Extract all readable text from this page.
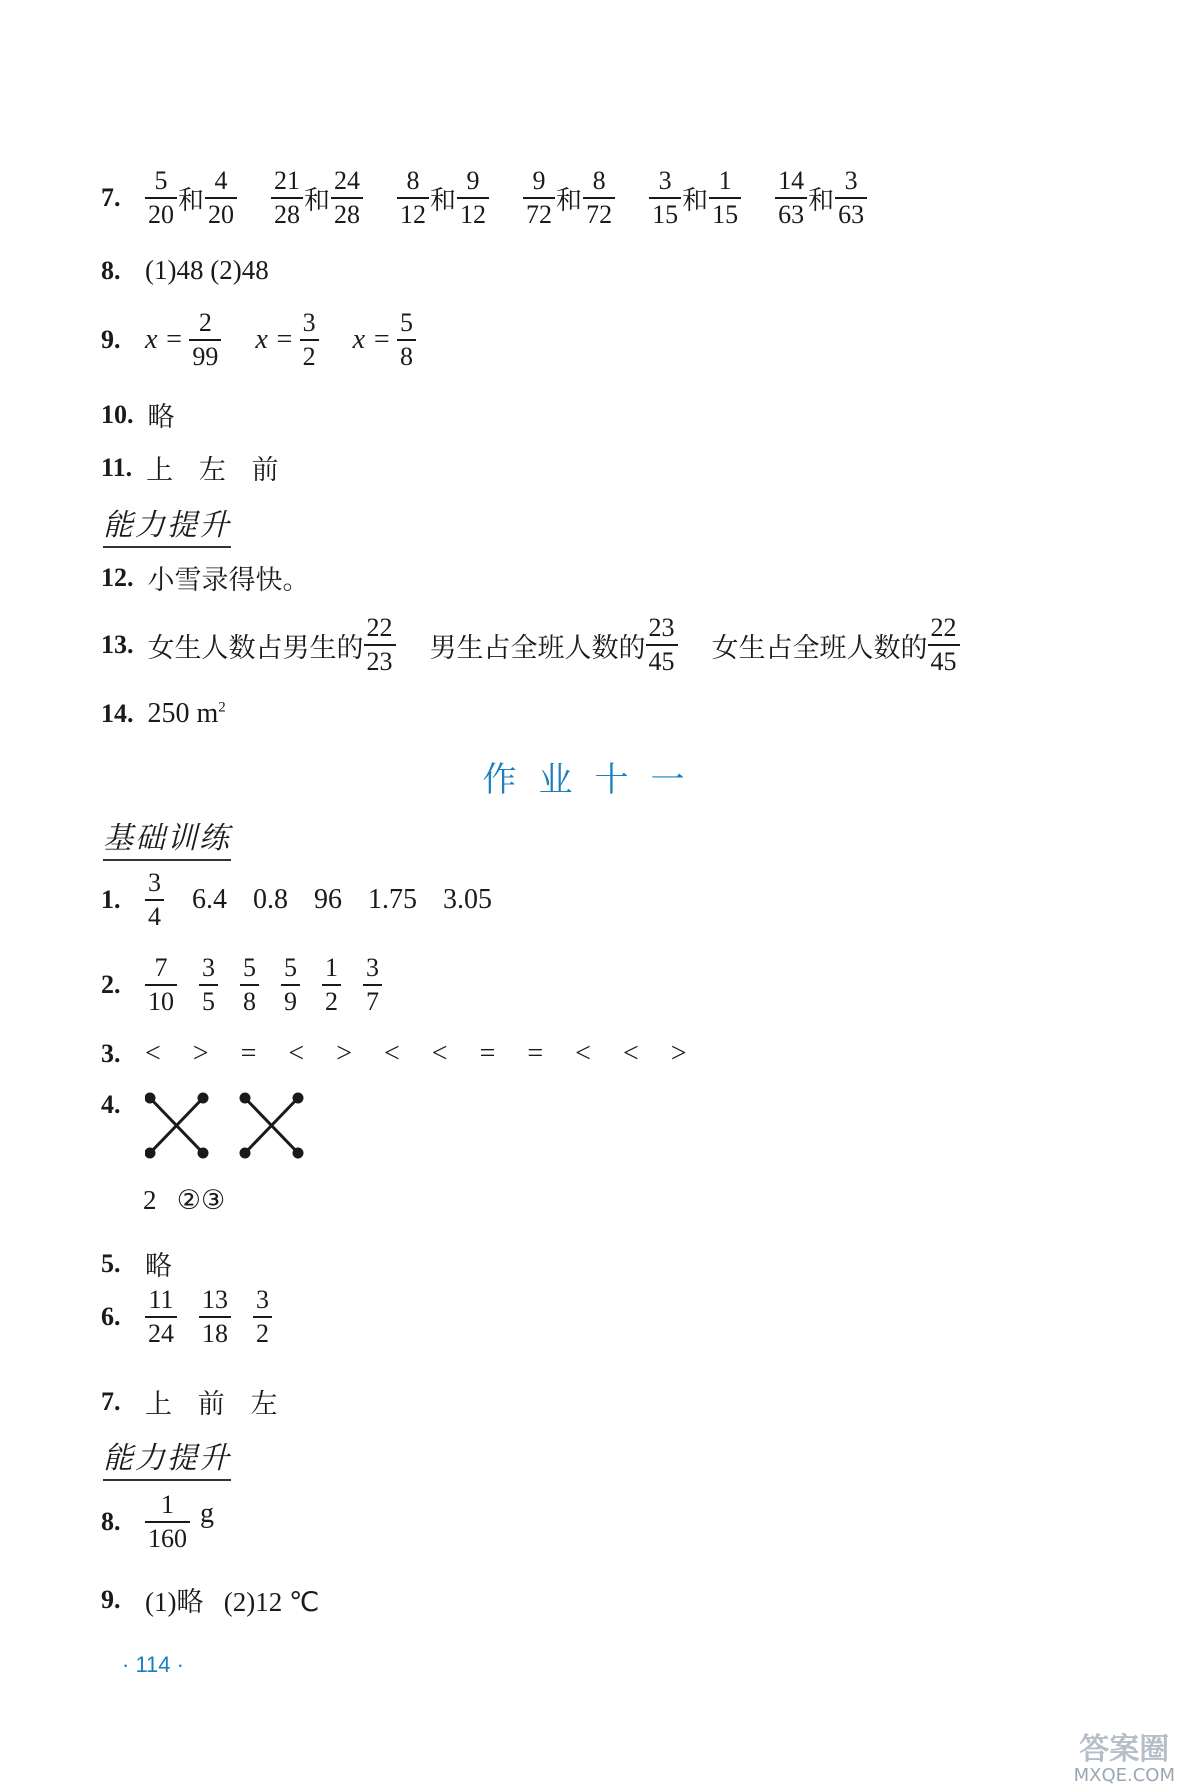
7. $\frac{5}{20}$ 和 $\frac{4}{20} \frac{21}{28}$ 和 $\frac{24}{28} \frac{8}{12}$ 和 $\frac{9}{12} \frac{9}{72}$ 和 $\frac{8}{72} \frac{3}{15}$ 和 $\frac{1}{15} \frac{14}{63}$ 和 $\frac{3}{63}$
8. (1)48 (2)48
9. $x = \frac{2}{99}$ $x = \frac{3}{2}$ $x = \frac{5}{8}$
10. 略
11. 上   左   前
能力提升
12. 小雪录得快。
13. 女生人数占男生的 $\frac{22}{23}$ 男生占全班人数的 $\frac{23}{45}$ 女生占全班人数的 $\frac{22}{45}$
14. 250 $m^2$
作业十一
基础训练
1. $\frac{3}{4} 6.4$ 0.8 96 1.75 3.05
2. $\frac{7}{10} \frac{3}{5} \frac{5}{8} \frac{5}{9} \frac{1}{2} \frac{3}{7}$
3. < > = < > < < = = < < >
4.
2   ②③
5. 略
6. $\frac{11}{24} \frac{13}{18} \frac{3}{2}$
7. 上   前   左
能力提升
8. $\frac{1}{160}$ g
9. (1)略   (2)12 ℃
· 114 ·
答案圈
MXQE.COM
